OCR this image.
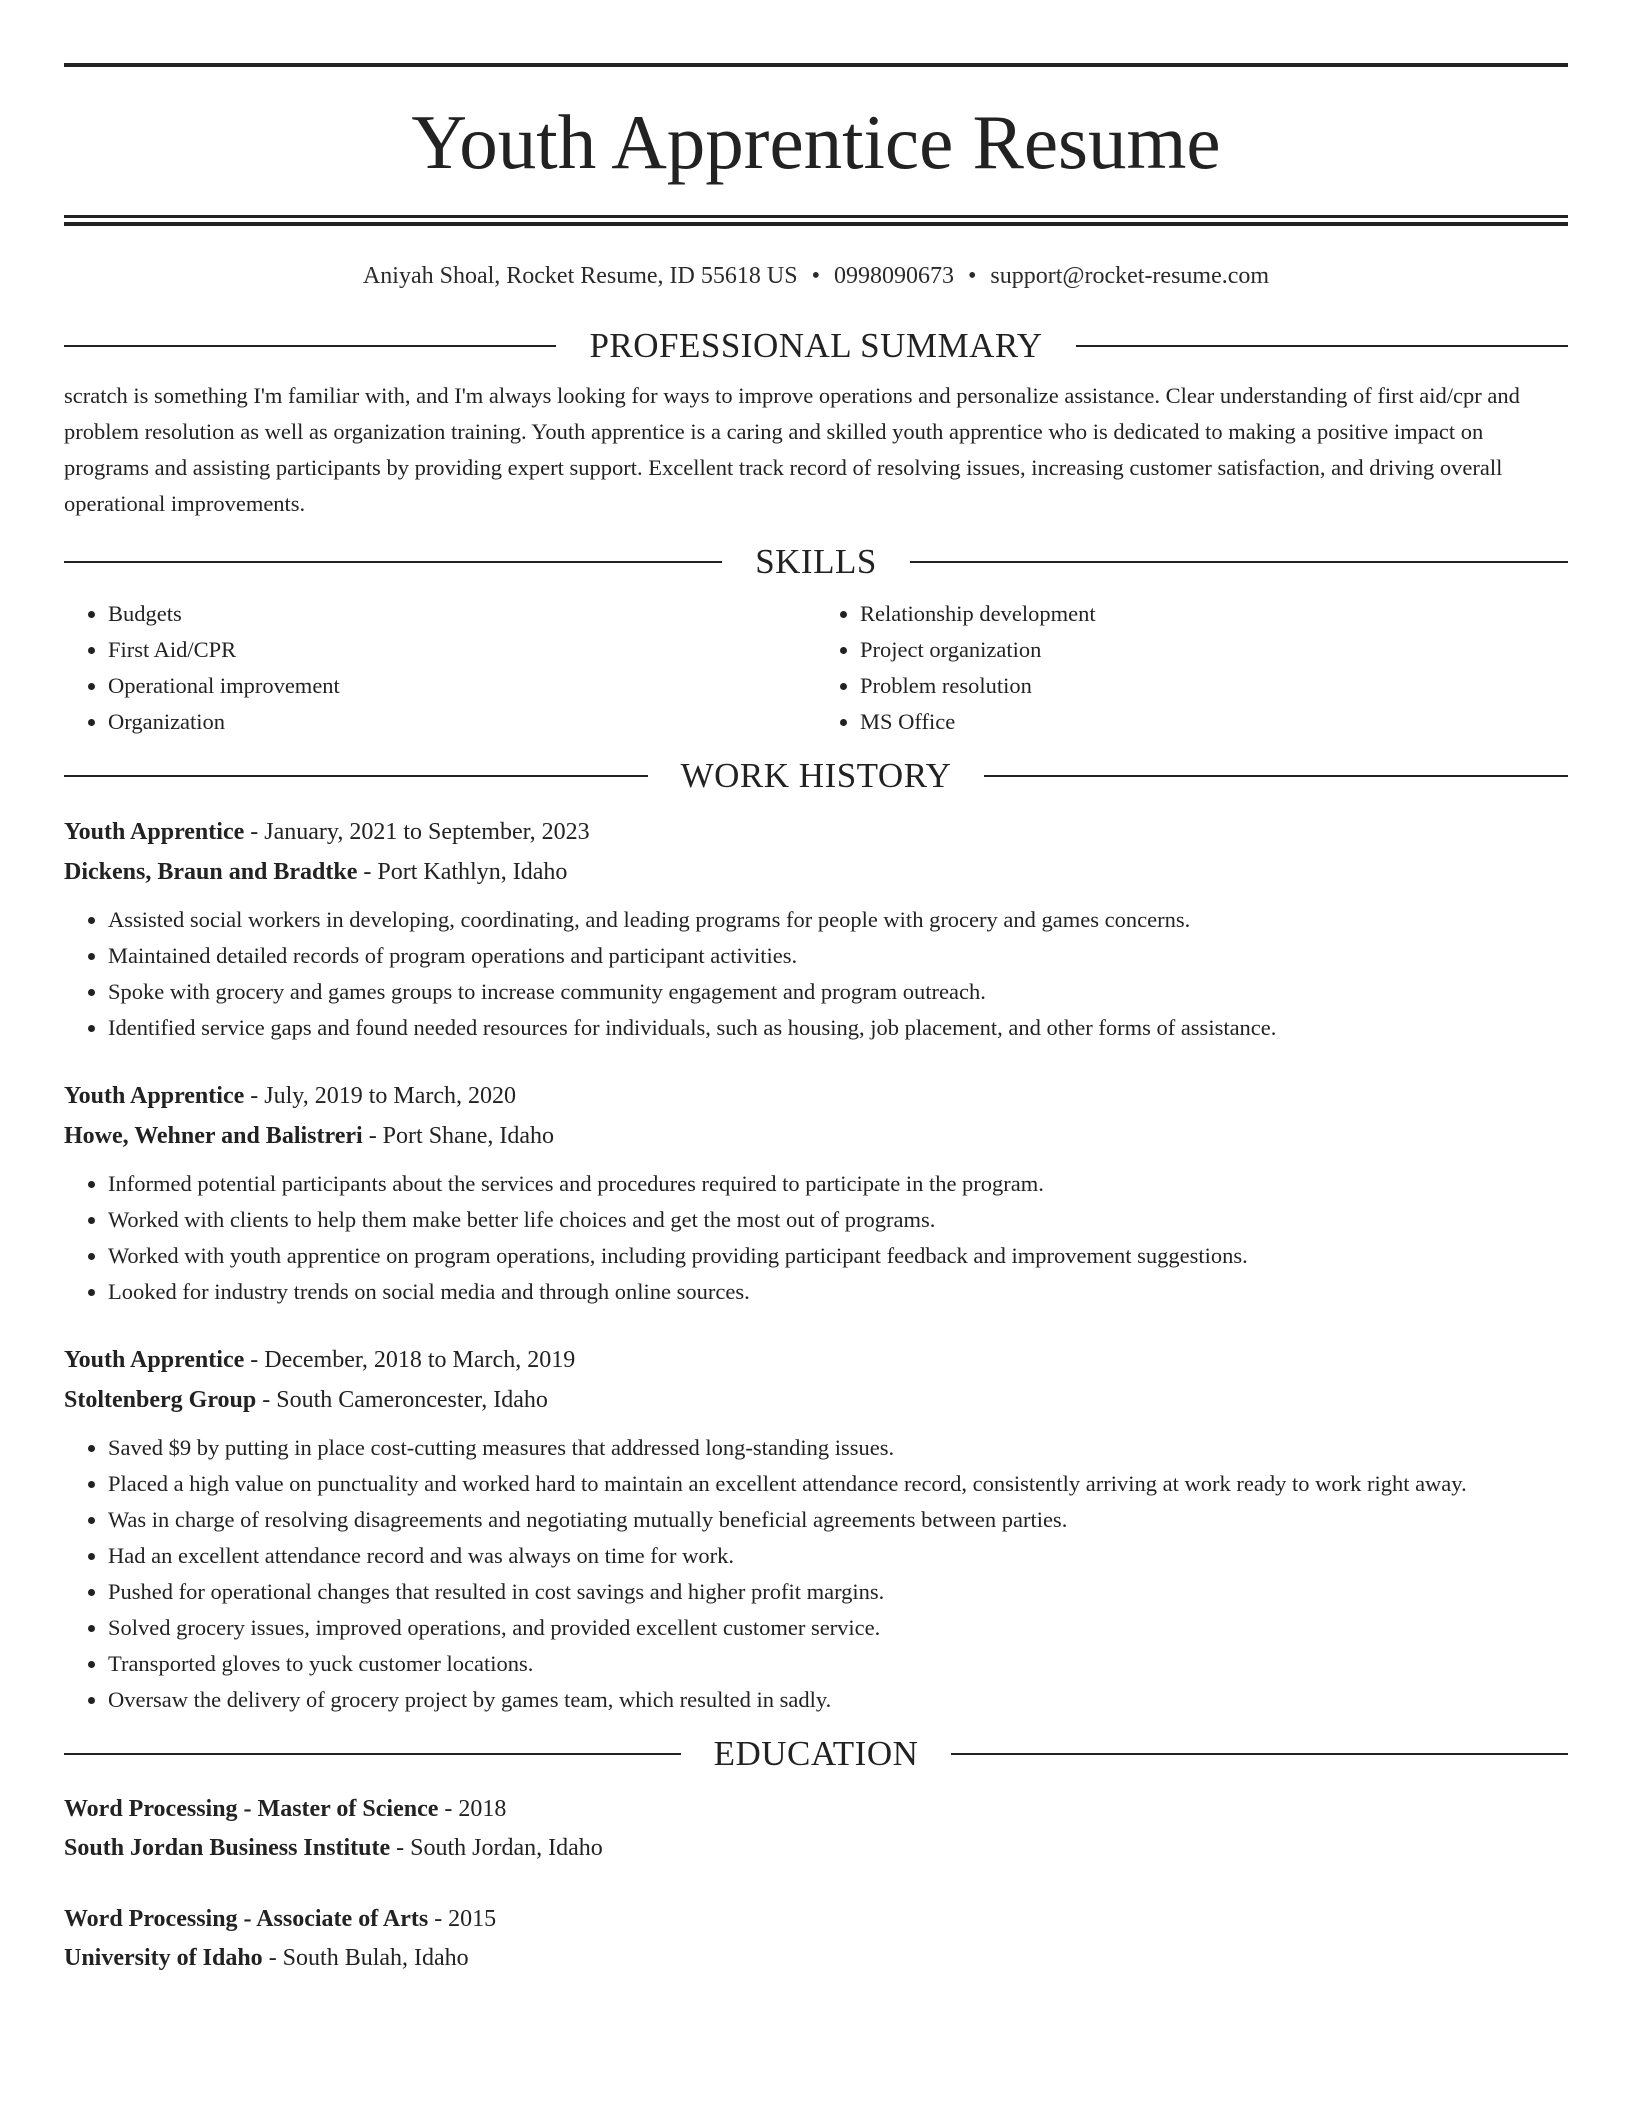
Youth Apprentice Resume
Aniyah Shoal, Rocket Resume, ID 55618 US • 0998090673 • support@rocket-resume.com
PROFESSIONAL SUMMARY
scratch is something I'm familiar with, and I'm always looking for ways to improve operations and personalize assistance. Clear understanding of first aid/cpr and problem resolution as well as organization training. Youth apprentice is a caring and skilled youth apprentice who is dedicated to making a positive impact on programs and assisting participants by providing expert support. Excellent track record of resolving issues, increasing customer satisfaction, and driving overall operational improvements.
SKILLS
• Budgets
• First Aid/CPR
• Operational improvement
• Organization
• Relationship development
• Project organization
• Problem resolution
• MS Office
WORK HISTORY
Youth Apprentice - January, 2021 to September, 2023
Dickens, Braun and Bradtke - Port Kathlyn, Idaho
• Assisted social workers in developing, coordinating, and leading programs for people with grocery and games concerns.
• Maintained detailed records of program operations and participant activities.
• Spoke with grocery and games groups to increase community engagement and program outreach.
• Identified service gaps and found needed resources for individuals, such as housing, job placement, and other forms of assistance.
Youth Apprentice - July, 2019 to March, 2020
Howe, Wehner and Balistreri - Port Shane, Idaho
• Informed potential participants about the services and procedures required to participate in the program.
• Worked with clients to help them make better life choices and get the most out of programs.
• Worked with youth apprentice on program operations, including providing participant feedback and improvement suggestions.
• Looked for industry trends on social media and through online sources.
Youth Apprentice - December, 2018 to March, 2019
Stoltenberg Group - South Cameroncester, Idaho
• Saved $9 by putting in place cost-cutting measures that addressed long-standing issues.
• Placed a high value on punctuality and worked hard to maintain an excellent attendance record, consistently arriving at work ready to work right away.
• Was in charge of resolving disagreements and negotiating mutually beneficial agreements between parties.
• Had an excellent attendance record and was always on time for work.
• Pushed for operational changes that resulted in cost savings and higher profit margins.
• Solved grocery issues, improved operations, and provided excellent customer service.
• Transported gloves to yuck customer locations.
• Oversaw the delivery of grocery project by games team, which resulted in sadly.
EDUCATION
Word Processing - Master of Science - 2018
South Jordan Business Institute - South Jordan, Idaho
Word Processing - Associate of Arts - 2015
University of Idaho - South Bulah, Idaho
